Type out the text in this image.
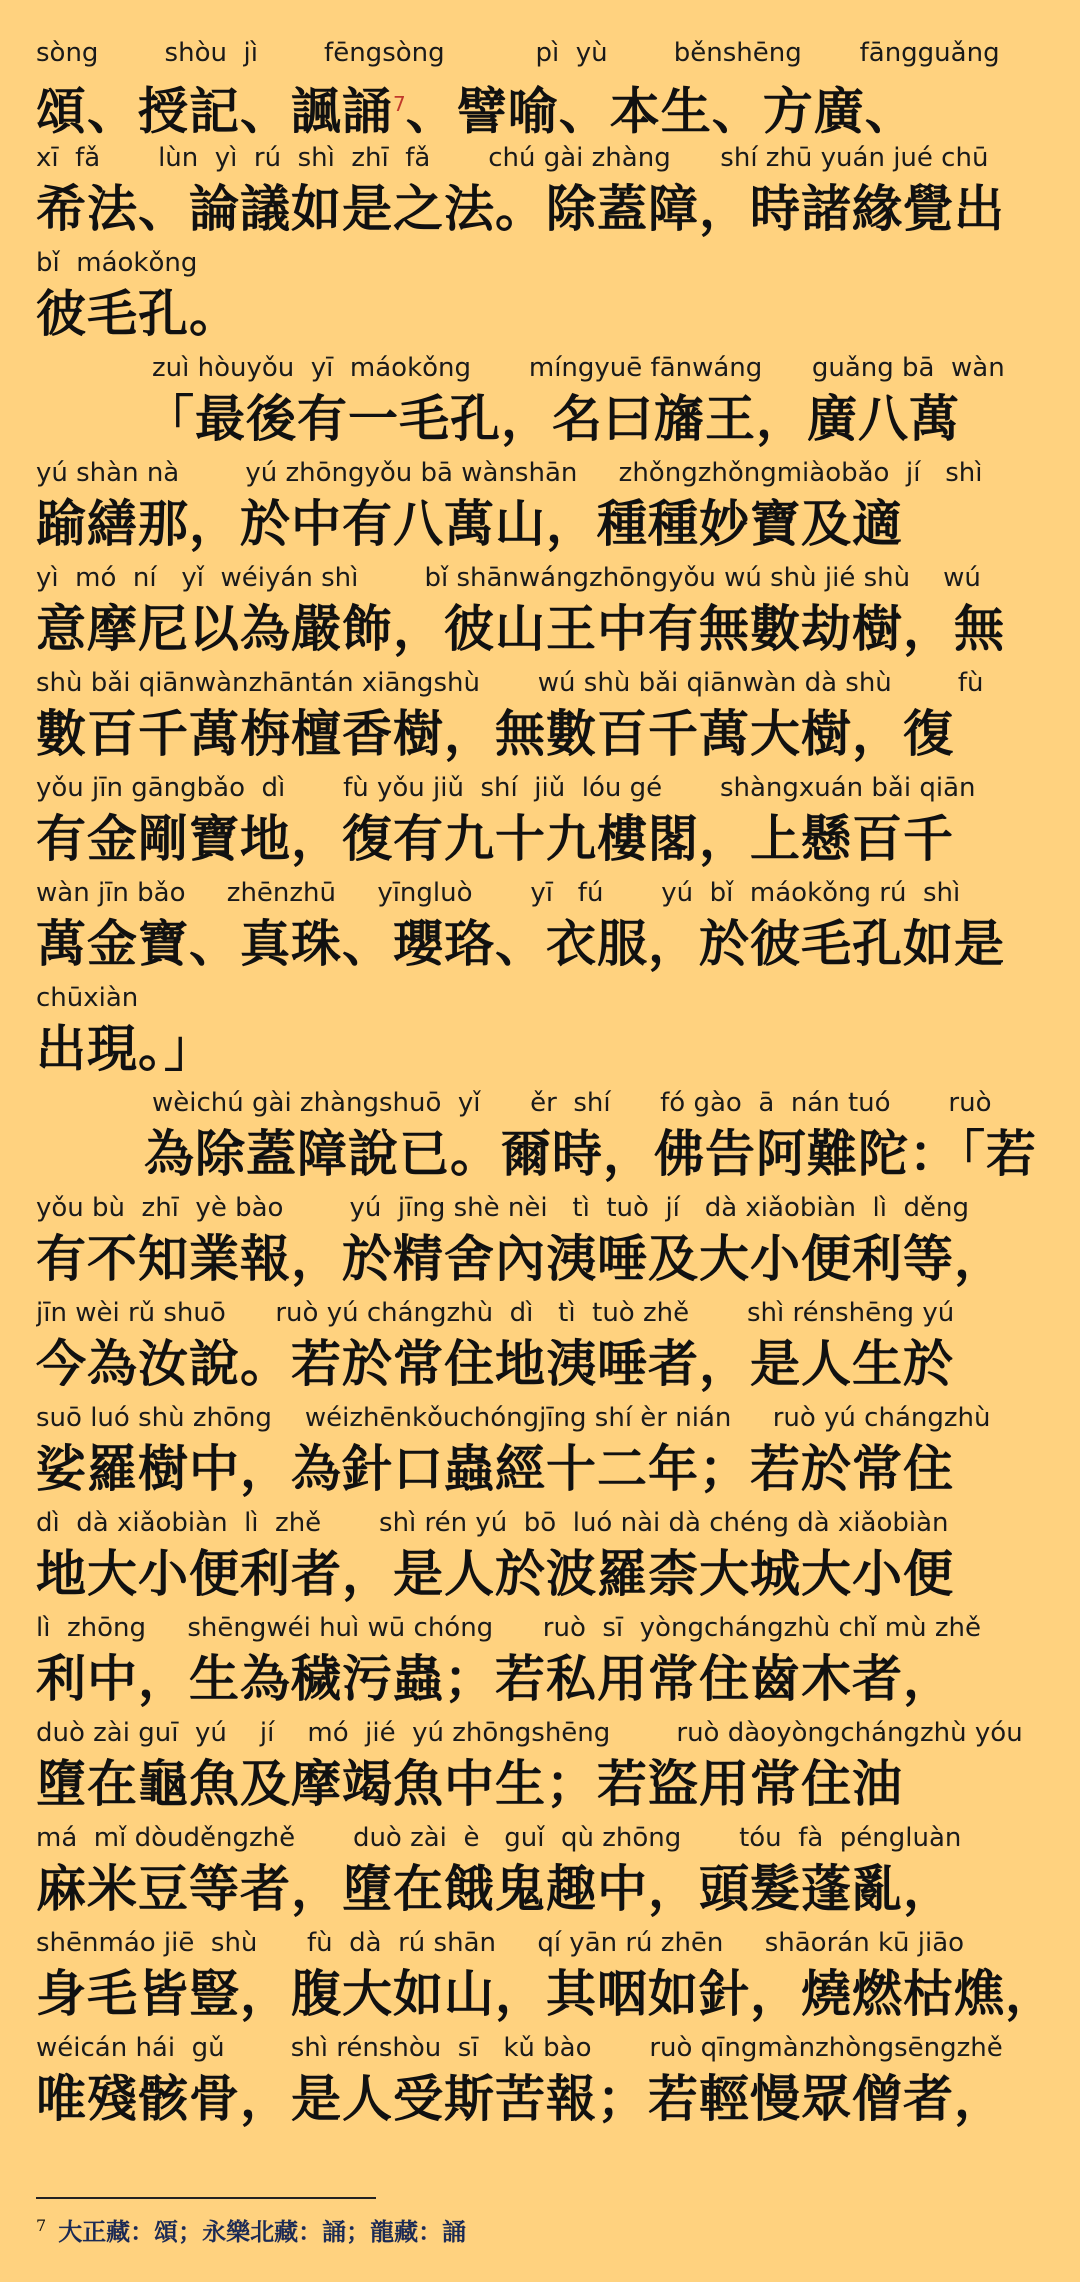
sòng        shòu  jì        fēngsòng           pì  yù        běnshēng       fāngguǎng
頌、授記、諷誦$^7$、譬喻、本生、方廣、
xī  fǎ       lùn  yì  rú  shì  zhī  fǎ       chú gài zhàng      shí zhū yuán jué chū
希法、論議如是之法。除蓋障，時諸緣覺出
bǐ  máokǒng
彼毛孔。
zuì hòuyǒu  yī  máokǒng       míngyuē fānwáng      guǎng bā  wàn
「最後有一毛孔，名曰旛王，廣八萬
yú shàn nà        yú zhōngyǒu bā wànshān     zhǒngzhǒngmiàobǎo  jí   shì
踰繕那，於中有八萬山，種種妙寶及適
yì  mó  ní   yǐ  wéiyán shì        bǐ shānwángzhōngyǒu wú shù jié shù    wú
意摩尼以為嚴飾，彼山王中有無數劫樹，無
shù bǎi qiānwànzhāntán xiāngshù       wú shù bǎi qiānwàn dà shù        fù
數百千萬栴檀香樹，無數百千萬大樹，復
yǒu jīn gāngbǎo  dì       fù yǒu jiǔ  shí  jiǔ  lóu gé       shàngxuán bǎi qiān
有金剛寶地，復有九十九樓閣，上懸百千
wàn jīn bǎo     zhēnzhū     yīngluò       yī   fú       yú  bǐ  máokǒng rú  shì
萬金寶、真珠、瓔珞、衣服，於彼毛孔如是
chūxiàn
出現。」
wèichú gài zhàngshuō  yǐ      ěr  shí      fó gào  ā  nán tuó       ruò
為除蓋障說已。爾時，佛告阿難陀：「若
yǒu bù  zhī  yè bào        yú  jīng shè nèi   tì  tuò  jí   dà xiǎobiàn  lì  děng
有不知業報，於精舍內洟唾及大小便利等，
jīn wèi rǔ shuō      ruò yú chángzhù  dì   tì  tuò zhě       shì rénshēng yú
今為汝說。若於常住地洟唾者，是人生於
suō luó shù zhōng    wéizhēnkǒuchóngjīng shí èr nián     ruò yú chángzhù
娑羅樹中，為針口蟲經十二年；若於常住
dì  dà xiǎobiàn  lì  zhě       shì rén yú  bō  luó nài dà chéng dà xiǎobiàn
地大小便利者，是人於波羅柰大城大小便
lì  zhōng     shēngwéi huì wū chóng      ruò  sī  yòngchángzhù chǐ mù zhě
利中，生為穢污蟲；若私用常住齒木者，
duò zài guī  yú    jí    mó  jié  yú zhōngshēng        ruò dàoyòngchángzhù yóu
墮在龜魚及摩竭魚中生；若盜用常住油
má  mǐ dòuděngzhě       duò zài  è   guǐ  qù zhōng       tóu  fà  péngluàn
麻米豆等者，墮在餓鬼趣中，頭髮蓬亂，
shēnmáo jiē  shù      fù  dà  rú shān     qí yān rú zhēn     shāorán kū jiāo
身毛皆豎，腹大如山，其咽如針，燒燃枯燋，
wéicán hái  gǔ        shì rénshòu  sī   kǔ bào       ruò qīngmànzhòngsēngzhě
唯殘骸骨，是人受斯苦報；若輕慢眾僧者，
$^7$ 大正藏：頌；永樂北藏：誦；龍藏：誦
